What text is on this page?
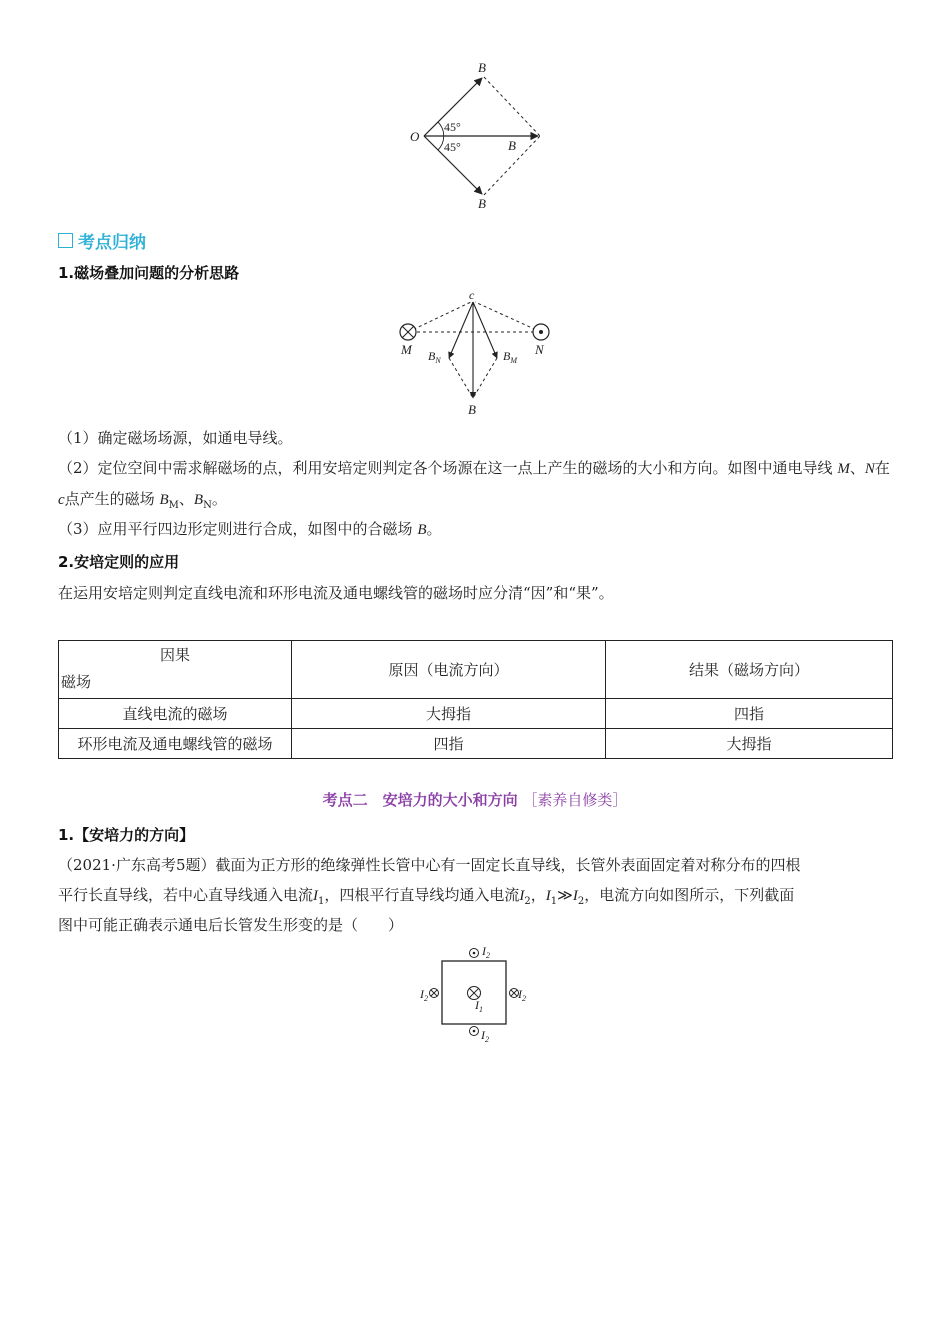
O
B
B
B
45°
45°
考点归纳
1.磁场叠加问题的分析思路
c
M	N
B
$B_N$	$B_M$
（1）确定磁场场源，如通电导线。
（2）定位空间中需求解磁场的点，利用安培定则判定各个场源在这一点上产生的磁场的大小和方向。如图中通电导线 M、N在 c点产生的磁场 $B_M$、$B_N$。
（3）应用平行四边形定则进行合成，如图中的合磁场 B。
2.安培定则的应用
在运用安培定则判定直线电流和环形电流及通电螺线管的磁场时应分清“因”和“果”。
因果
磁场	原因（电流方向）	结果（磁场方向）
直线电流的磁场	大拇指	四指
环形电流及通电螺线管的磁场	四指	大拇指
考点二　安培力的大小和方向 ［素养自修类］
1.【安培力的方向】
（2021·广东高考5题）截面为正方形的绝缘弹性长管中心有一固定长直导线，长管外表面固定着对称分布的四根
平行长直导线，若中心直导线通入电流$I_1$，四根平行直导线均通入电流$I_2$，$I_1≫I_2$，电流方向如图所示，下列截面
图中可能正确表示通电后长管发生形变的是（　　）
$I_2$
$I_2$
$I_2$	$I_2$
$I_1$
